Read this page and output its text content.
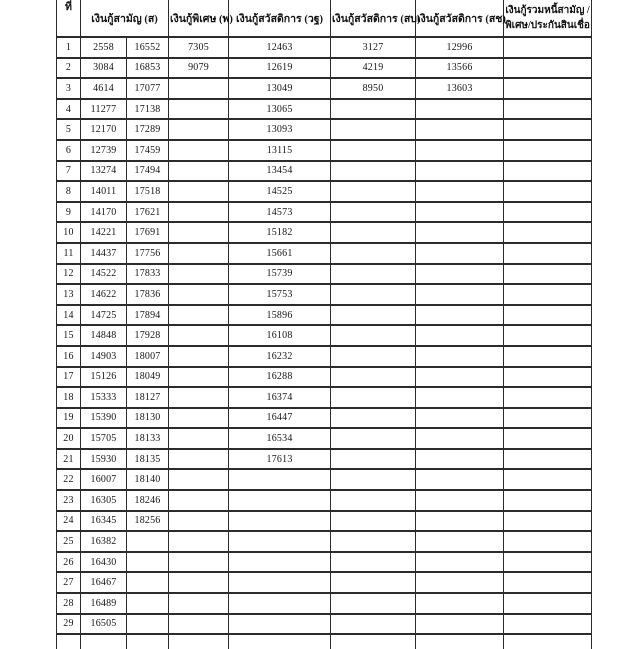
ที่	เงินกู้สามัญ (ส)		เงินกู้พิเศษ (พ)	เงินกู้สวัสดิการ (วฐ)	เงินกู้สวัสดิการ (สบ)	เงินกู้สวัสดิการ (สช)	เงินกู้รวมหนี้สามัญ /
พิเศษ/ประกันสินเชื่อ

1	2558	16552	7305	12463	3127	12996	
2	3084	16853	9079	12619	4219	13566	
3	4614	17077		13049	8950	13603	
4	11277	17138		13065			
5	12170	17289		13093			
6	12739	17459		13115			
7	13274	17494		13454			
8	14011	17518		14525			
9	14170	17621		14573			
10	14221	17691		15182			
11	14437	17756		15661			
12	14522	17833		15739			
13	14622	17836		15753			
14	14725	17894		15896			
15	14848	17928		16108			
16	14903	18007		16232			
17	15126	18049		16288			
18	15333	18127		16374			
19	15390	18130		16447			
20	15705	18133		16534			
21	15930	18135		17613			
22	16007	18140					
23	16305	18246					
24	16345	18256					
25	16382						
26	16430						
27	16467						
28	16489						
29	16505						
